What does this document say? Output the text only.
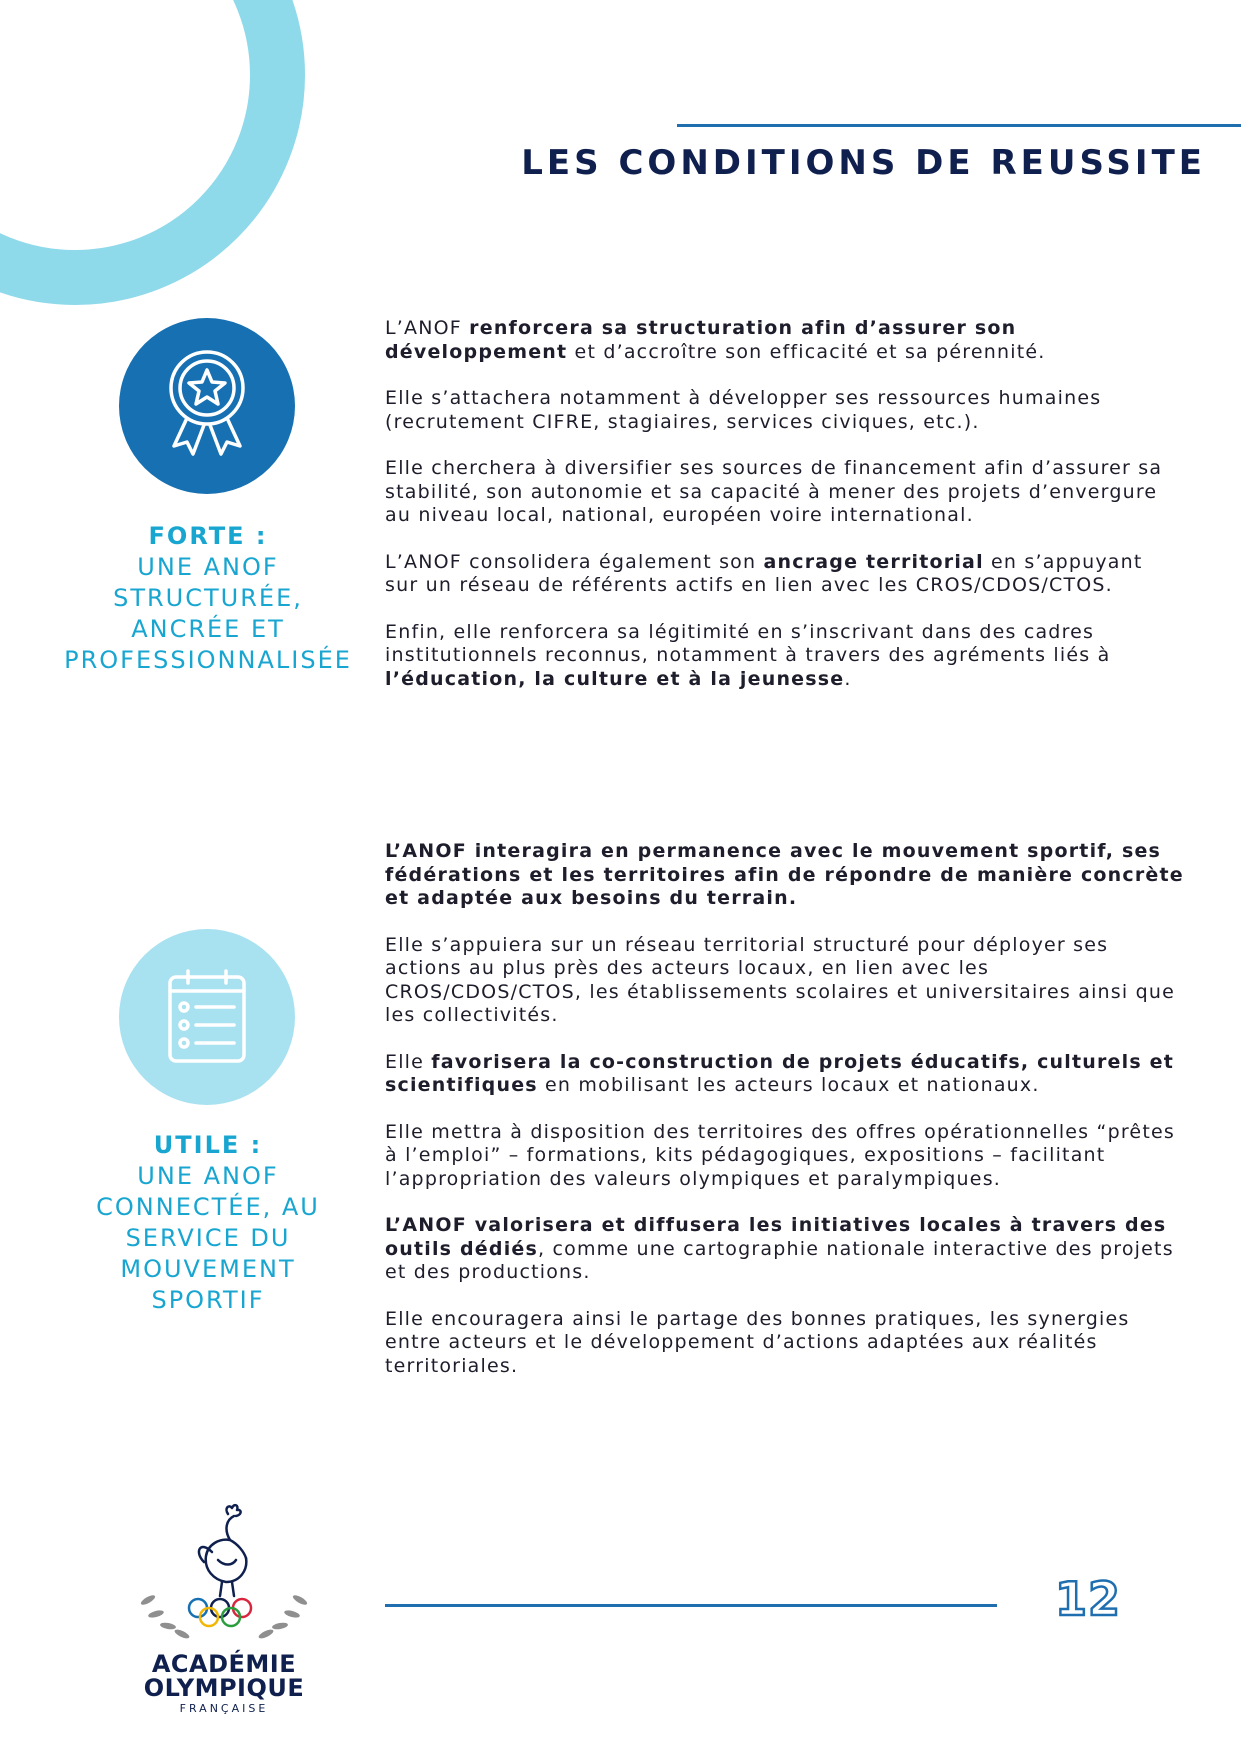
LES CONDITIONS DE REUSSITE
FORTE :
UNE ANOF
STRUCTURÉE,
ANCRÉE ET
PROFESSIONNALISÉE

L’ANOF renforcera sa structuration afin d’assurer son développement et d’accroître son efficacité et sa pérennité.

Elle s’attachera notamment à développer ses ressources humaines (recrutement CIFRE, stagiaires, services civiques, etc.).

Elle cherchera à diversifier ses sources de financement afin d’assurer sa stabilité, son autonomie et sa capacité à mener des projets d’envergure au niveau local, national, européen voire international.

L’ANOF consolidera également son ancrage territorial en s’appuyant sur un réseau de référents actifs en lien avec les CROS/CDOS/CTOS.

Enfin, elle renforcera sa légitimité en s’inscrivant dans des cadres institutionnels reconnus, notamment à travers des agréments liés à l’éducation, la culture et à la jeunesse.

UTILE :
UNE ANOF
CONNECTÉE, AU
SERVICE DU
MOUVEMENT
SPORTIF

L’ANOF interagira en permanence avec le mouvement sportif, ses fédérations et les territoires afin de répondre de manière concrète et adaptée aux besoins du terrain.

Elle s’appuiera sur un réseau territorial structuré pour déployer ses actions au plus près des acteurs locaux, en lien avec les CROS/CDOS/CTOS, les établissements scolaires et universitaires ainsi que les collectivités.

Elle favorisera la co-construction de projets éducatifs, culturels et scientifiques en mobilisant les acteurs locaux et nationaux.

Elle mettra à disposition des territoires des offres opérationnelles “prêtes à l’emploi” – formations, kits pédagogiques, expositions – facilitant l’appropriation des valeurs olympiques et paralympiques.

L’ANOF valorisera et diffusera les initiatives locales à travers des outils dédiés, comme une cartographie nationale interactive des projets et des productions.

Elle encouragera ainsi le partage des bonnes pratiques, les synergies entre acteurs et le développement d’actions adaptées aux réalités territoriales.

ACADÉMIE
OLYMPIQUE
FRANÇAISE
12
